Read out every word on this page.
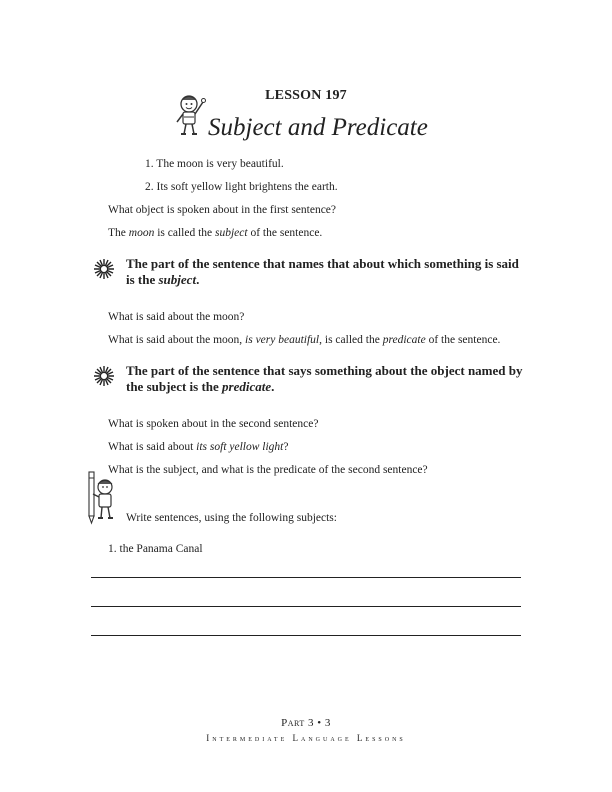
LESSON 197
Subject and Predicate
1. The moon is very beautiful.
2. Its soft yellow light brightens the earth.
What object is spoken about in the first sentence?
The moon is called the subject of the sentence.
The part of the sentence that names that about which something is said is the subject.
What is said about the moon?
What is said about the moon, is very beautiful, is called the predicate of the sentence.
The part of the sentence that says something about the object named by the subject is the predicate.
What is spoken about in the second sentence?
What is said about its soft yellow light?
What is the subject, and what is the predicate of the second sentence?
Write sentences, using the following subjects:
1. the Panama Canal
Part 3 • 3
Intermediate Language Lessons
